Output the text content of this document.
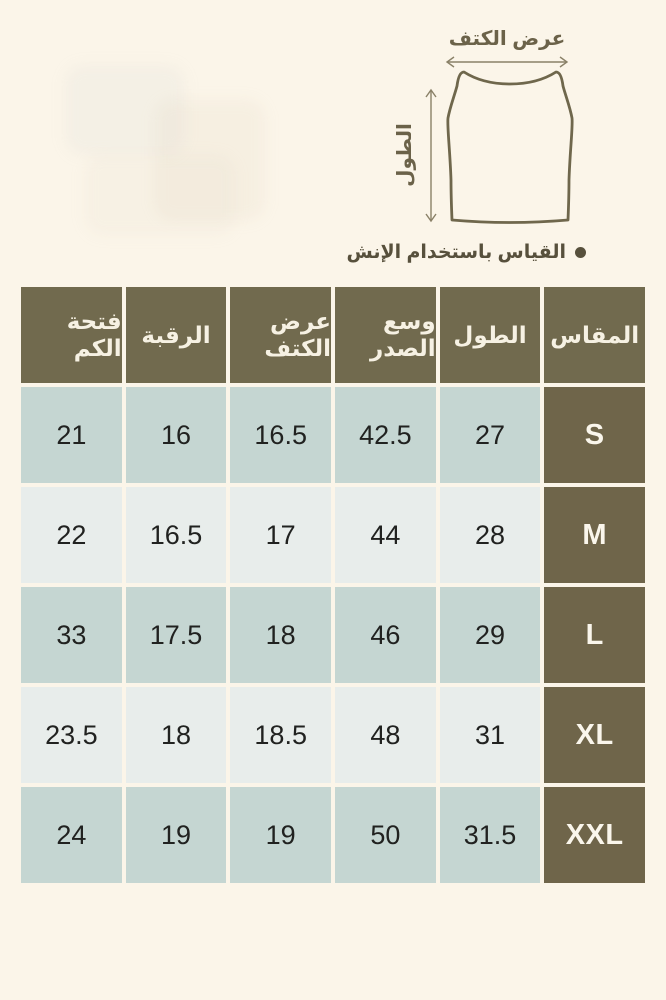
عرض الكتف
الطول
القياس باستخدام الإنش
المقاس
الطول
وسع الصدر
عرض الكتف
الرقبة
فتحة الكم
S
27
42.5
16.5
16
21
M
28
44
17
16.5
22
L
29
46
18
17.5
33
XL
31
48
18.5
18
23.5
XXL
31.5
50
19
19
24
